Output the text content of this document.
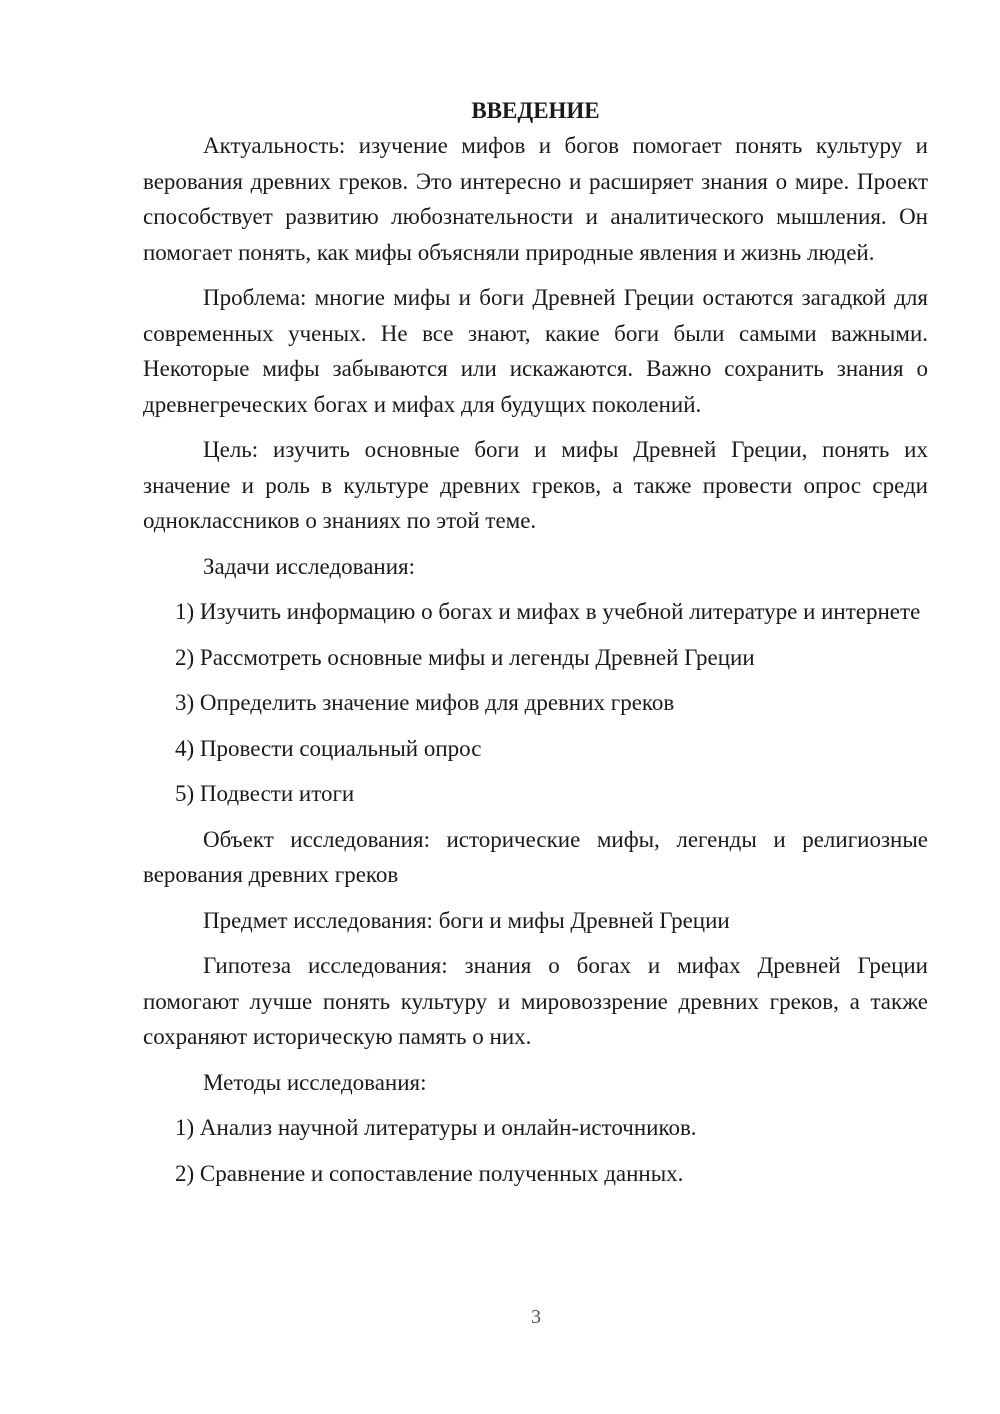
ВВЕДЕНИЕ

Актуальность: изучение мифов и богов помогает понять культуру и верования древних греков. Это интересно и расширяет знания о мире. Проект способствует развитию любознательности и аналитического мышления. Он помогает понять, как мифы объясняли природные явления и жизнь людей.

Проблема: многие мифы и боги Древней Греции остаются загадкой для современных ученых. Не все знают, какие боги были самыми важными. Некоторые мифы забываются или искажаются. Важно сохранить знания о древнегреческих богах и мифах для будущих поколений.

Цель: изучить основные боги и мифы Древней Греции, понять их значение и роль в культуре древних греков, а также провести опрос среди одноклассников о знаниях по этой теме.

Задачи исследования:

1) Изучить информацию о богах и мифах в учебной литературе и интернете

2) Рассмотреть основные мифы и легенды Древней Греции

3) Определить значение мифов для древних греков

4) Провести социальный опрос

5) Подвести итоги

Объект исследования: исторические мифы, легенды и религиозные верования древних греков

Предмет исследования: боги и мифы Древней Греции

Гипотеза исследования: знания о богах и мифах Древней Греции помогают лучше понять культуру и мировоззрение древних греков, а также сохраняют историческую память о них.

Методы исследования:

1) Анализ научной литературы и онлайн-источников.

2) Сравнение и сопоставление полученных данных.

3
